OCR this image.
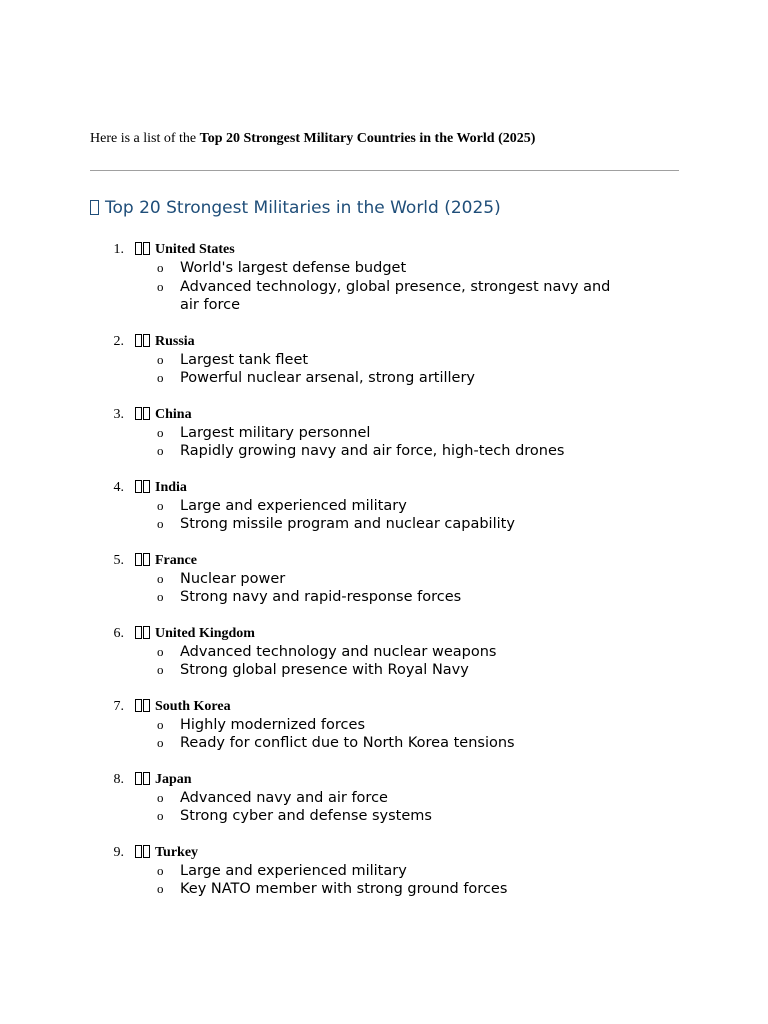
Here is a list of the Top 20 Strongest Military Countries in the World (2025)
Top 20 Strongest Militaries in the World (2025)
1.	United States
o World's largest defense budget
o Advanced technology, global presence, strongest navy and air force
2.	Russia
o Largest tank fleet
o Powerful nuclear arsenal, strong artillery
3.	China
o Largest military personnel
o Rapidly growing navy and air force, high-tech drones
4.	India
o Large and experienced military
o Strong missile program and nuclear capability
5.	France
o Nuclear power
o Strong navy and rapid-response forces
6.	United Kingdom
o Advanced technology and nuclear weapons
o Strong global presence with Royal Navy
7.	South Korea
o Highly modernized forces
o Ready for conflict due to North Korea tensions
8.	Japan
o Advanced navy and air force
o Strong cyber and defense systems
9.	Turkey
o Large and experienced military
o Key NATO member with strong ground forces
